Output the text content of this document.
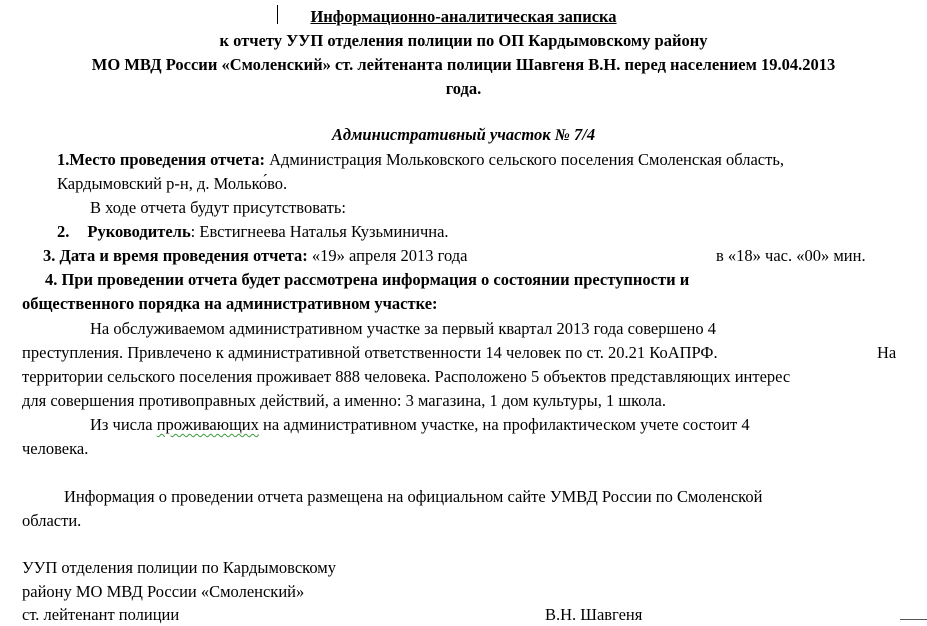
Информационно-аналитическая записка
к отчету УУП отделения полиции по ОП Кардымовскому району
МО МВД России «Смоленский» ст. лейтенанта полиции Шавгеня В.Н. перед населением 19.04.2013
года.
Административный участок № 7/4
1.Место проведения отчета: Администрация Мольковского сельского поселения Смоленская область,
Кардымовский р-н, д. Молько́во.
В ходе отчета будут присутствовать:
2. Руководитель: Евстигнеева Наталья Кузьминична.
3. Дата и время проведения отчета: «19» апреля 2013 года	в «18» час. «00» мин.
4. При проведении отчета будет рассмотрена информация о состоянии преступности и
общественного порядка на административном участке:
На обслуживаемом административном участке за первый квартал 2013 года совершено 4
преступления. Привлечено к административной ответственности 14 человек по ст. 20.21 КоАПРФ.	На
территории сельского поселения проживает 888 человека. Расположено 5 объектов представляющих интерес
для совершения противоправных действий, а именно: 3 магазина, 1 дом культуры, 1 школа.
Из числа проживающих на административном участке, на профилактическом учете состоит 4
человека.
Информация о проведении отчета размещена на официальном сайте УМВД России по Смоленской
области.
УУП отделения полиции по Кардымовскому
району МО МВД России «Смоленский»
ст. лейтенант полиции	В.Н. Шавгеня
